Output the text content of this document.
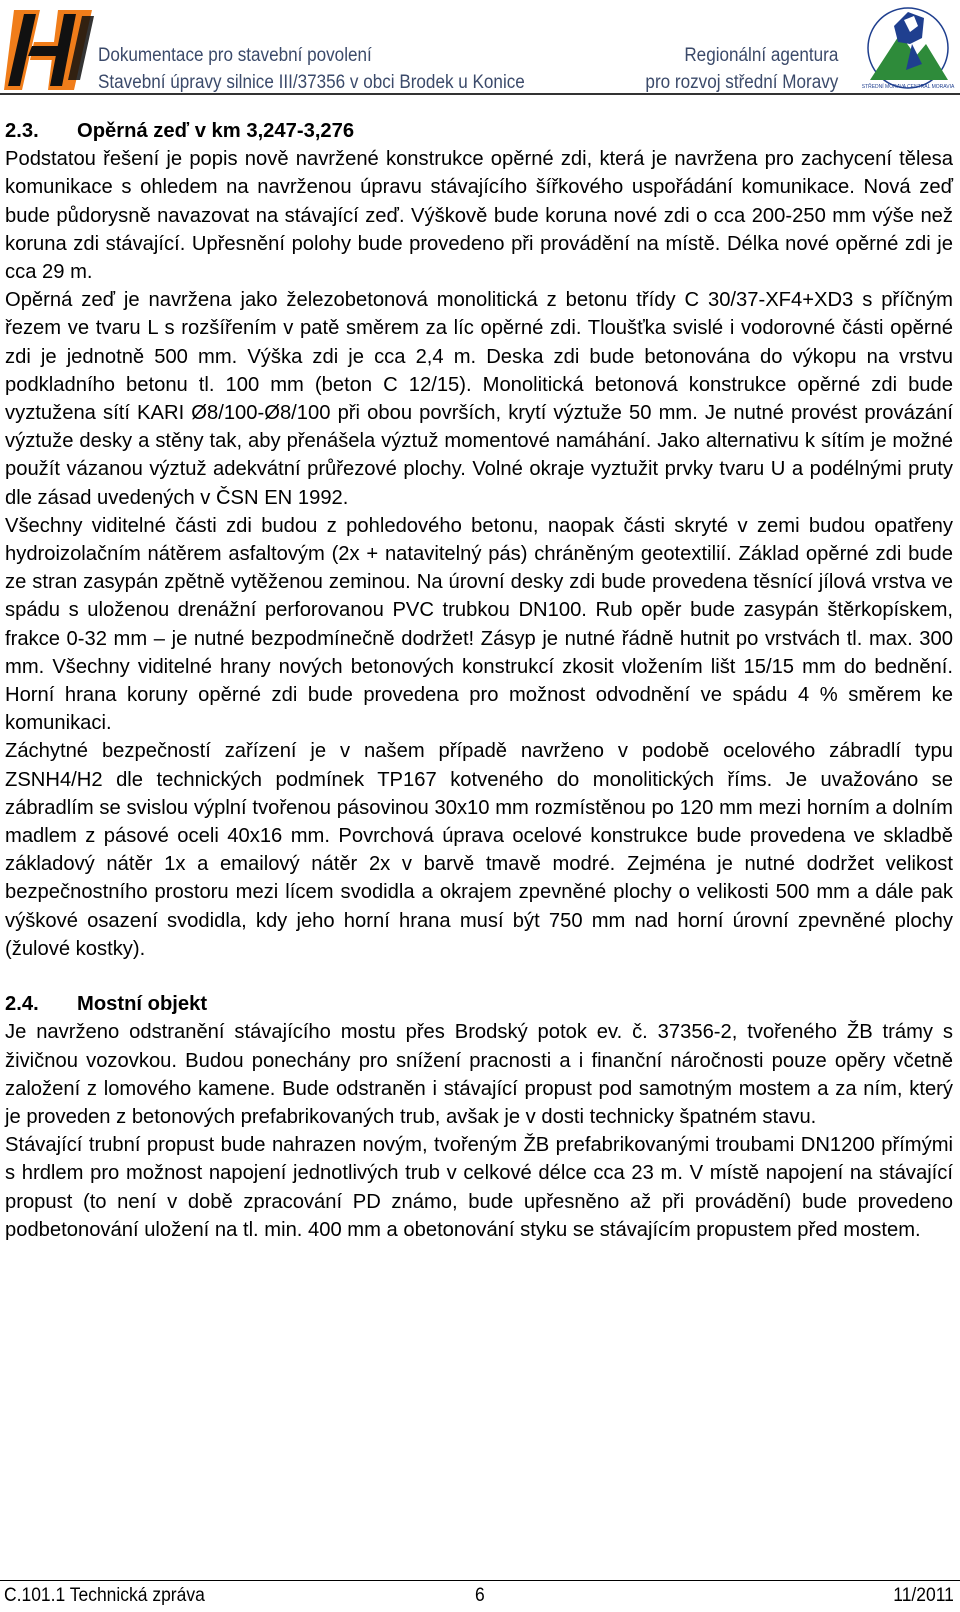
Dokumentace pro stavební povolení
Stavební úpravy silnice III/37356 v obci Brodek u Konice
Regionální agentura
pro rozvoj střední Moravy	STŘEDNÍ MORAVA CENTRAL MORAVIA
2.3. Opěrná zeď v km 3,247-3,276

Podstatou řešení je popis nově navržené konstrukce opěrné zdi, která je navržena pro zachycení tělesa komunikace s ohledem na navrženou úpravu stávajícího šířkového uspořádání komunikace. Nová zeď bude půdorysně navazovat na stávající zeď. Výškově bude koruna nové zdi o cca 200-250 mm výše než koruna zdi stávající. Upřesnění polohy bude provedeno při provádění na místě. Délka nové opěrné zdi je cca 29 m.

Opěrná zeď je navržena jako železobetonová monolitická z betonu třídy C 30/37-XF4+XD3 s příčným řezem ve tvaru L s rozšířením v patě směrem za líc opěrné zdi. Tloušťka svislé i vodorovné části opěrné zdi je jednotně 500 mm. Výška zdi je cca 2,4 m. Deska zdi bude betonována do výkopu na vrstvu podkladního betonu tl. 100 mm (beton C 12/15). Monolitická betonová konstrukce opěrné zdi bude vyztužena sítí KARI Ø8/100-Ø8/100 při obou površích, krytí výztuže 50 mm. Je nutné provést provázání výztuže desky a stěny tak, aby přenášela výztuž momentové namáhání. Jako alternativu k sítím je možné použít vázanou výztuž adekvátní průřezové plochy. Volné okraje vyztužit prvky tvaru U a podélnými pruty dle zásad uvedených v ČSN EN 1992.

Všechny viditelné části zdi budou z pohledového betonu, naopak části skryté v zemi budou opatřeny hydroizolačním nátěrem asfaltovým (2x + natavitelný pás) chráněným geotextilií. Základ opěrné zdi bude ze stran zasypán zpětně vytěženou zeminou. Na úrovní desky zdi bude provedena těsnící jílová vrstva ve spádu s uloženou drenážní perforovanou PVC trubkou DN100. Rub opěr bude zasypán štěrkopískem, frakce 0-32 mm – je nutné bezpodmínečně dodržet! Zásyp je nutné řádně hutnit po vrstvách tl. max. 300 mm. Všechny viditelné hrany nových betonových konstrukcí zkosit vložením lišt 15/15 mm do bednění. Horní hrana koruny opěrné zdi bude provedena pro možnost odvodnění ve spádu 4 % směrem ke komunikaci.

Záchytné bezpečností zařízení je v našem případě navrženo v podobě ocelového zábradlí typu ZSNH4/H2 dle technických podmínek TP167 kotveného do monolitických říms. Je uvažováno se zábradlím se svislou výplní tvořenou pásovinou 30x10 mm rozmístěnou po 120 mm mezi horním a dolním madlem z pásové oceli 40x16 mm. Povrchová úprava ocelové konstrukce bude provedena ve skladbě základový nátěr 1x a emailový nátěr 2x v barvě tmavě modré. Zejména je nutné dodržet velikost bezpečnostního prostoru mezi lícem svodidla a okrajem zpevněné plochy o velikosti 500 mm a dále pak výškové osazení svodidla, kdy jeho horní hrana musí být 750 mm nad horní úrovní zpevněné plochy (žulové kostky).

2.4. Mostní objekt

Je navrženo odstranění stávajícího mostu přes Brodský potok ev. č. 37356-2, tvořeného ŽB trámy s živičnou vozovkou. Budou ponechány pro snížení pracnosti a i finanční náročnosti pouze opěry včetně založení z lomového kamene. Bude odstraněn i stávající propust pod samotným mostem a za ním, který je proveden z betonových prefabrikovaných trub, avšak je v dosti technicky špatném stavu.

Stávající trubní propust bude nahrazen novým, tvořeným ŽB prefabrikovanými troubami DN1200 přímými s hrdlem pro možnost napojení jednotlivých trub v celkové délce cca 23 m. V místě napojení na stávající propust (to není v době zpracování PD známo, bude upřesněno až při provádění) bude provedeno podbetonování uložení na tl. min. 400 mm a obetonování styku se stávajícím propustem před mostem.

C.101.1 Technická zpráva	6	11/2011
